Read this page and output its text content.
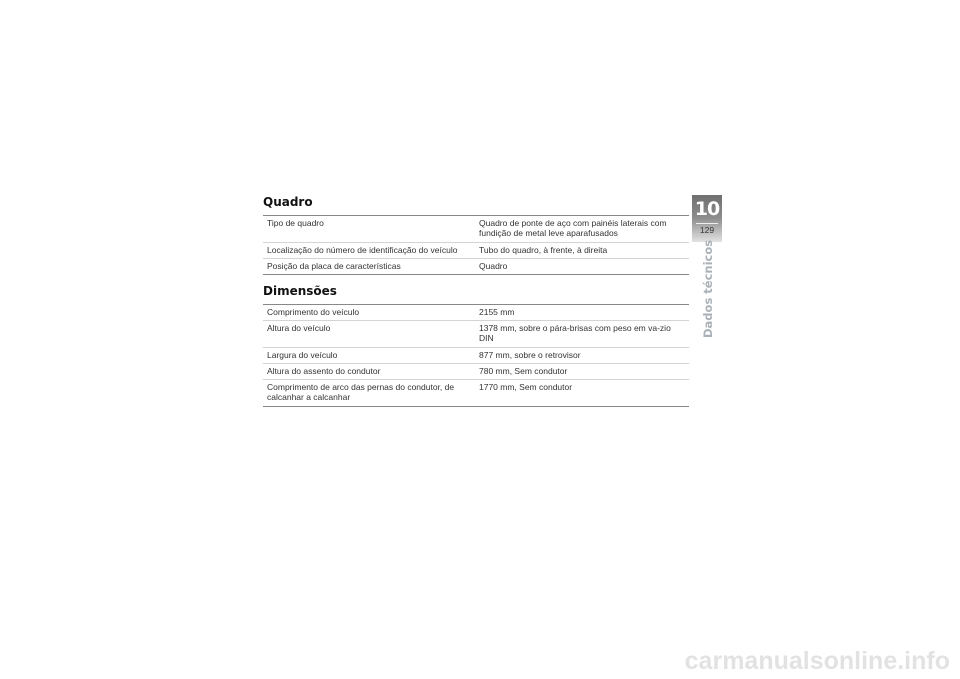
Quadro
Tipo de quadro	Quadro de ponte de aço com painéis laterais com fundição de metal leve aparafusados
Localização do número de identificação do veículo	Tubo do quadro, à frente, à direita
Posição da placa de características	Quadro
Dimensões
Comprimento do veículo	2155 mm
Altura do veículo	1378 mm, sobre o pára-brisas com peso em va-zio DIN
Largura do veículo	877 mm, sobre o retrovisor
Altura do assento do condutor	780 mm, Sem condutor
Comprimento de arco das pernas do condutor, de calcanhar a calcanhar	1770 mm, Sem condutor
10
129
Dados técnicos
carmanualsonline.info
